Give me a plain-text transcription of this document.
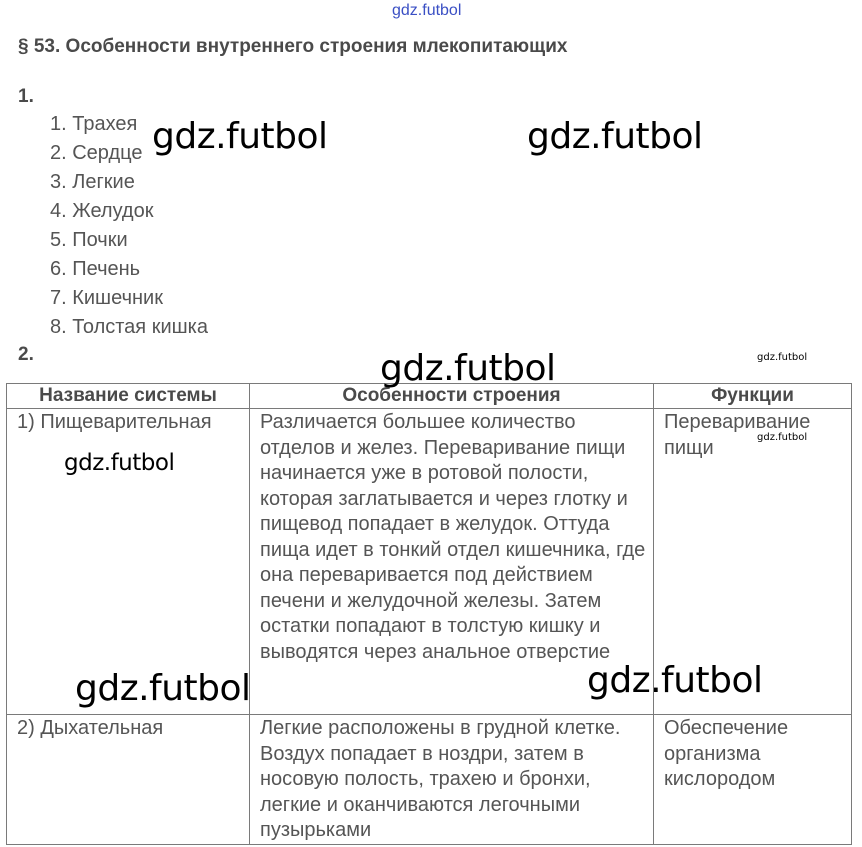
gdz.futbol
§ 53. Особенности внутреннего строения млекопитающих
1.
1. Трахея
2. Сердце
3. Легкие
4. Желудок
5. Почки
6. Печень
7. Кишечник
8. Толстая кишка
2.
Название системы	Особенности строения	Функции
1) Пищеварительная	Различается большее количество отделов и желез. Переваривание пищи начинается уже в ротовой полости, которая заглатывается и через глотку и пищевод попадает в желудок. Оттуда пища идет в тонкий отдел кишечника, где она переваривается под действием печени и желудочной железы. Затем остатки попадают в толстую кишку и выводятся через анальное отверстие	Переваривание пищи
2) Дыхательная	Легкие расположены в грудной клетке. Воздух попадает в ноздри, затем в носовую полость, трахею и бронхи, легкие и оканчиваются легочными пузырьками	Обеспечение организма кислородом
gdz.futbol	gdz.futbol
gdz.futbol	gdz.futbol
gdz.futbol
gdz.futbol
gdz.futbol	gdz.futbol
